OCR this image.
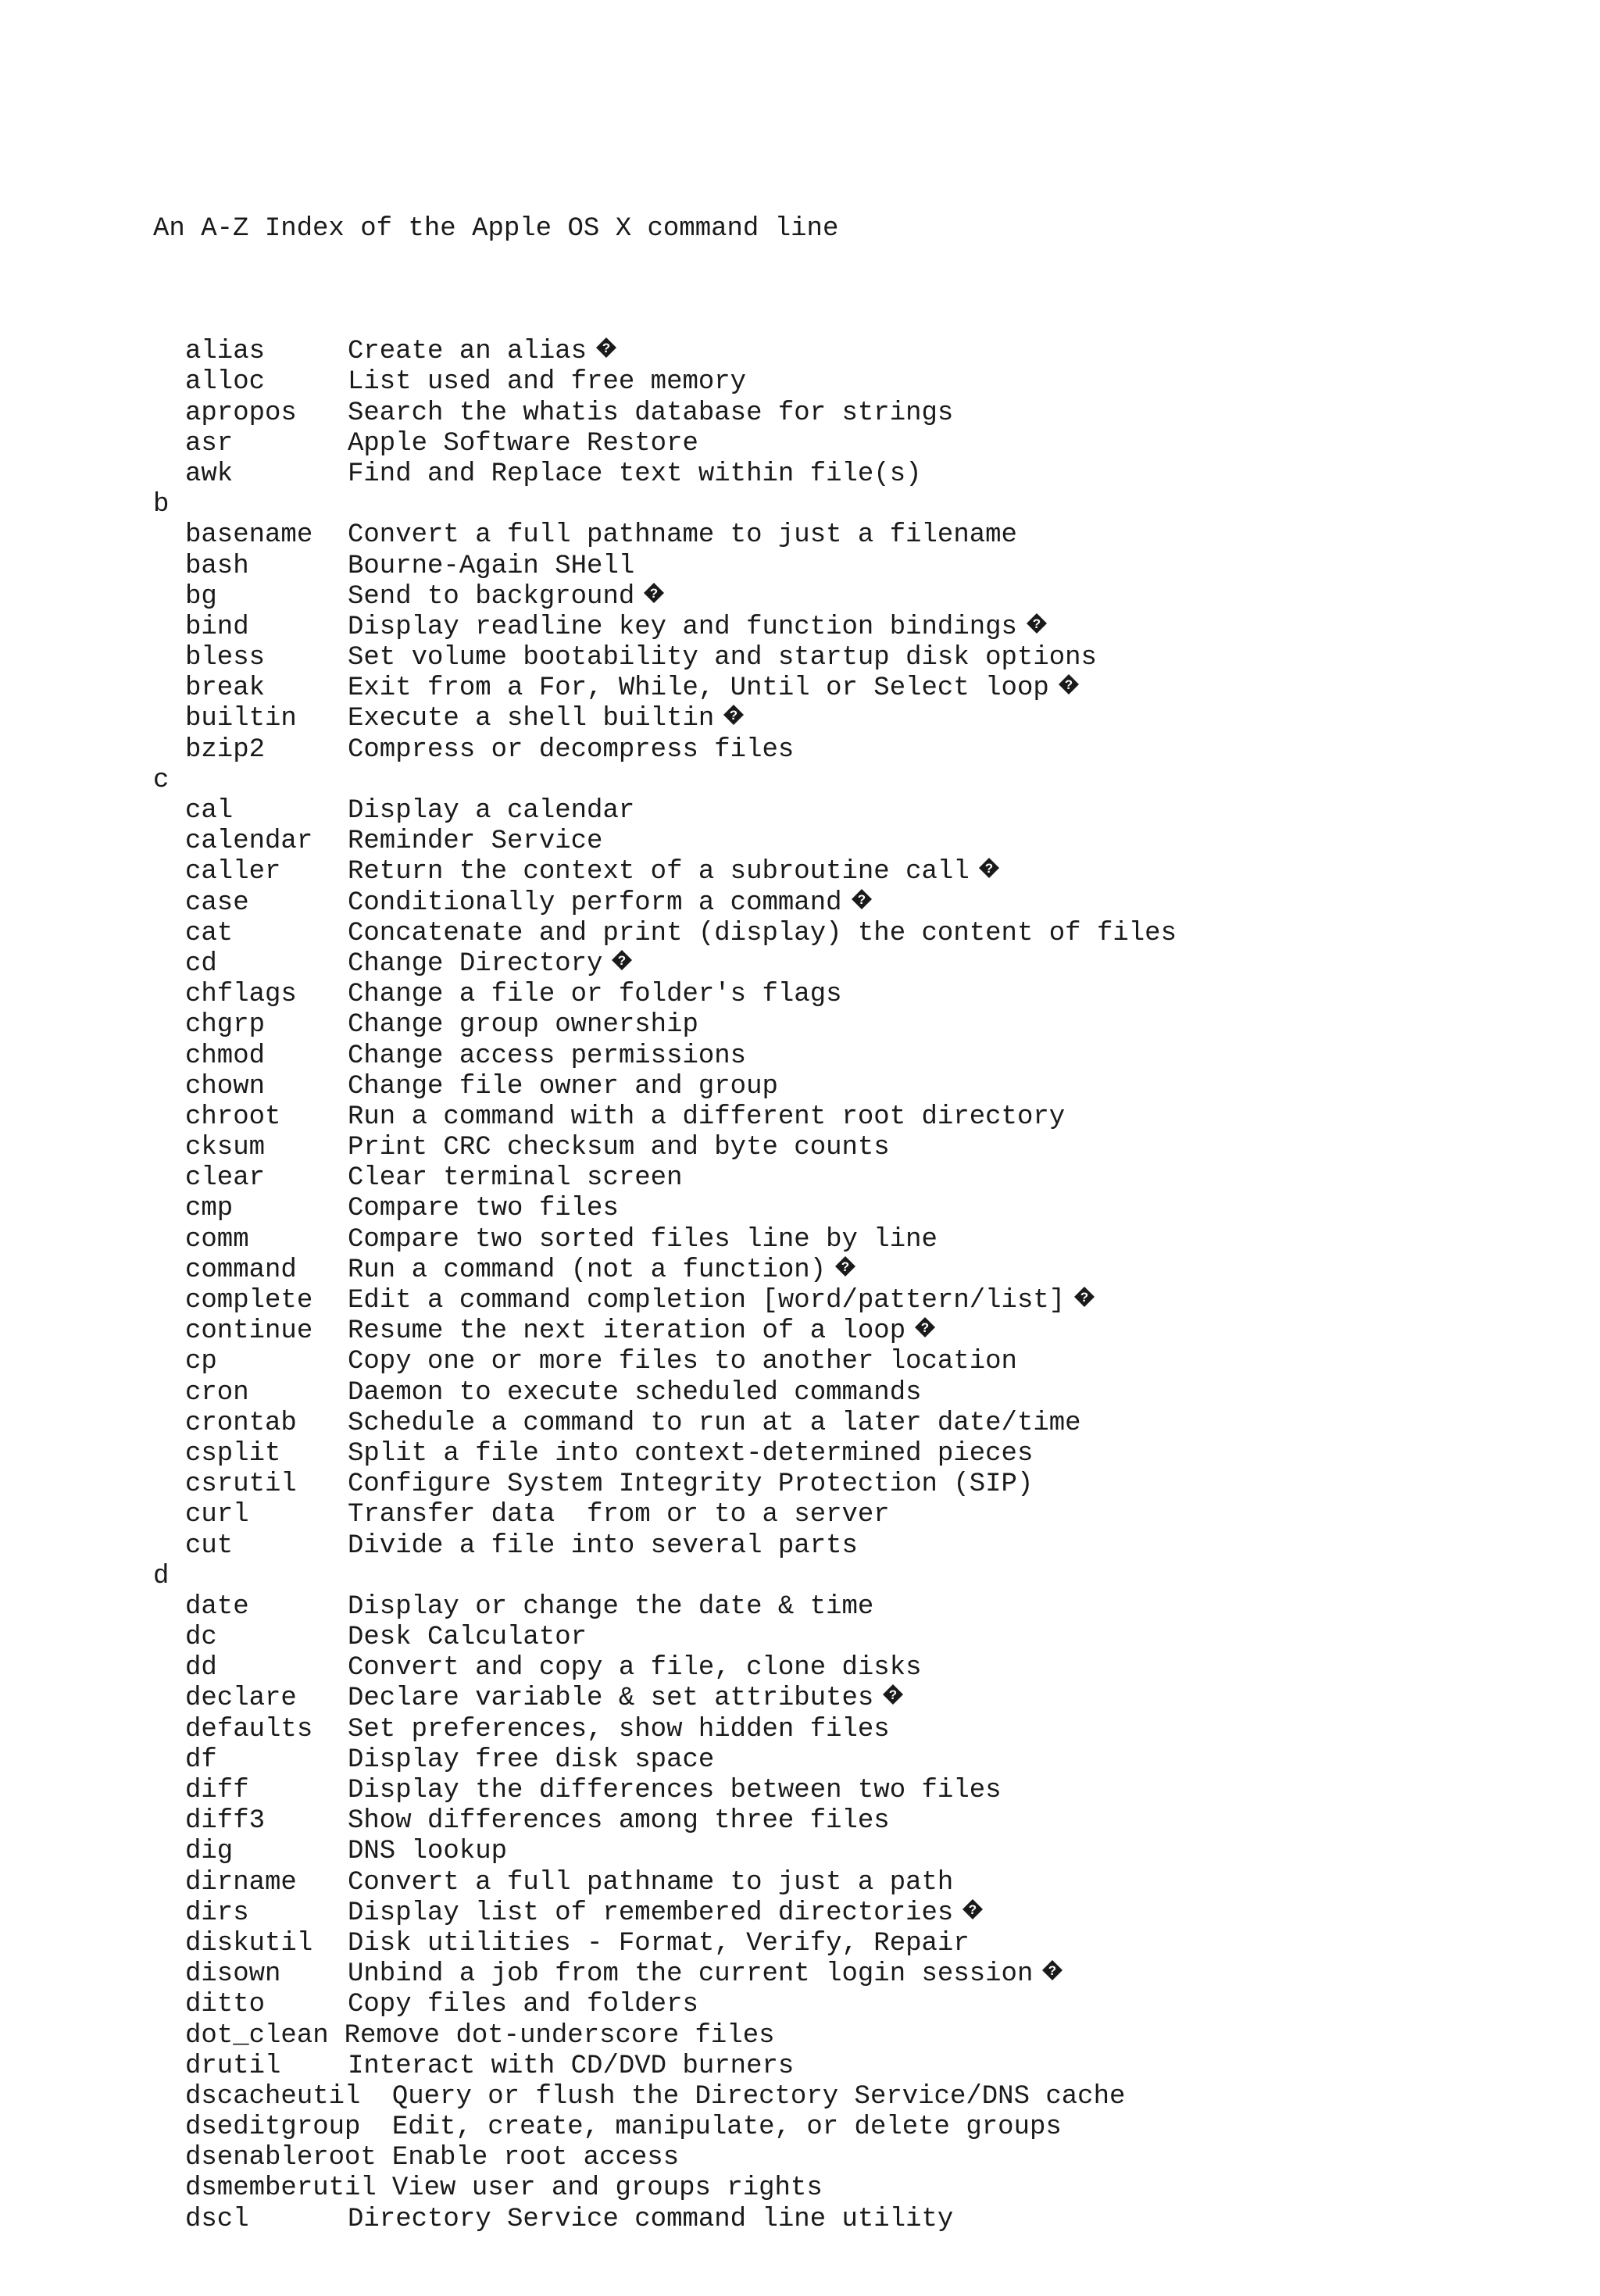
An A-Z Index of the Apple OS X command line

alias	Create an alias ?
alloc	List used and free memory
apropos Search the whatis database for strings
asr	Apple Software Restore
awk	Find and Replace text within file(s)
b
basename Convert a full pathname to just a filename
bash	Bourne-Again SHell
bg	Send to background ?
bind	Display readline key and function bindings ?
bless	Set volume bootability and startup disk options
break	Exit from a For, While, Until or Select loop ?
builtin Execute a shell builtin ?
bzip2	Compress or decompress files
c
cal	Display a calendar
calendar Reminder Service
caller	Return the context of a subroutine call ?
case	Conditionally perform a command ?
cat	Concatenate and print (display) the content of files
cd	Change Directory ?
chflags Change a file or folder's flags
chgrp	Change group ownership
chmod	Change access permissions
chown	Change file owner and group
chroot	Run a command with a different root directory
cksum	Print CRC checksum and byte counts
clear	Clear terminal screen
cmp	Compare two files
comm	Compare two sorted files line by line
command Run a command (not a function) ?
complete Edit a command completion [word/pattern/list] ?
continue Resume the next iteration of a loop ?
cp	Copy one or more files to another location
cron	Daemon to execute scheduled commands
crontab Schedule a command to run at a later date/time
csplit	Split a file into context-determined pieces
csrutil Configure System Integrity Protection (SIP)
curl	Transfer data  from or to a server
cut	Divide a file into several parts
d
date	Display or change the date & time
dc	Desk Calculator
dd	Convert and copy a file, clone disks
declare Declare variable & set attributes ?
defaults Set preferences, show hidden files
df	Display free disk space
diff	Display the differences between two files
diff3	Show differences among three files
dig	DNS lookup
dirname Convert a full pathname to just a path
dirs	Display list of remembered directories ?
diskutil Disk utilities - Format, Verify, Repair
disown	Unbind a job from the current login session ?
ditto	Copy files and folders
dot_clean Remove dot-underscore files
drutil	Interact with CD/DVD burners
dscacheutil Query or flush the Directory Service/DNS cache
dseditgroup Edit, create, manipulate, or delete groups
dsenableroot Enable root access
dsmemberutil View user and groups rights
dscl	Directory Service command line utility
